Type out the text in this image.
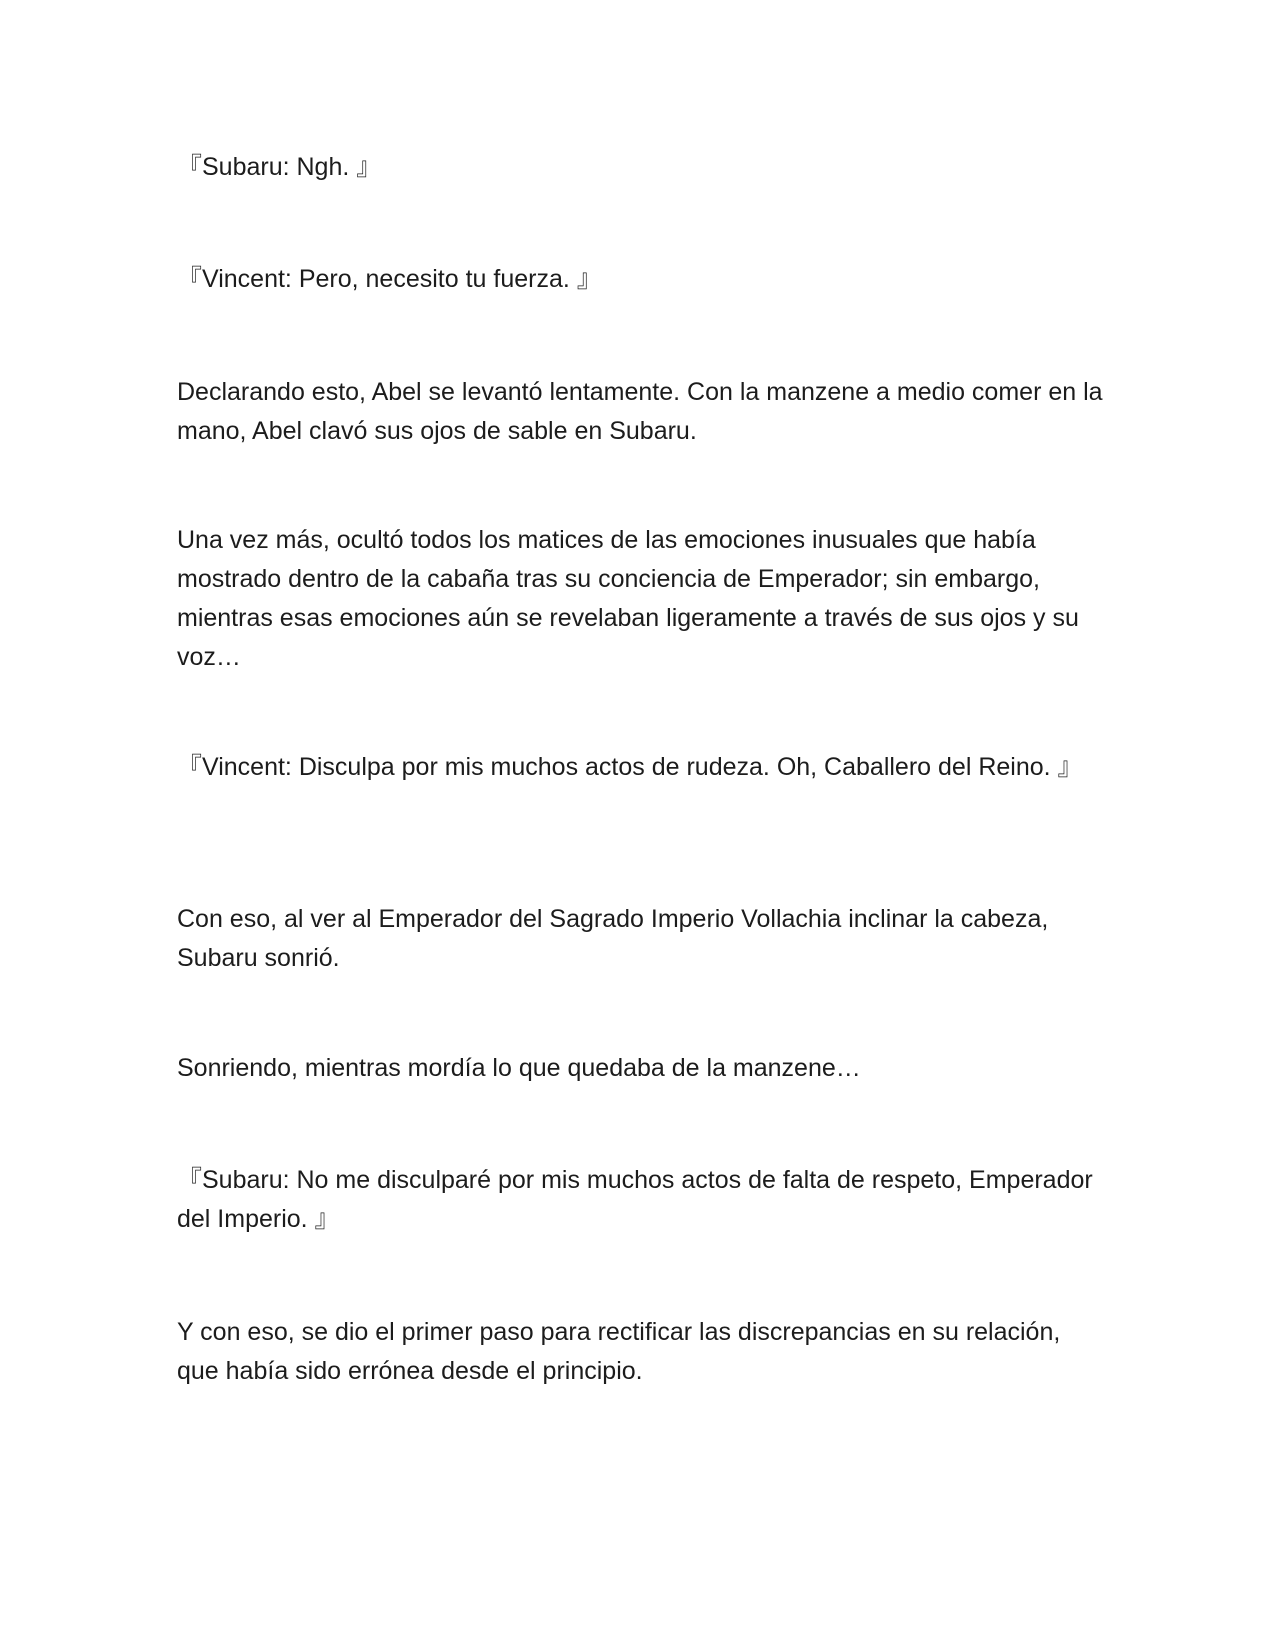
『Subaru: Ngh. 』

『Vincent: Pero, necesito tu fuerza. 』

Declarando esto, Abel se levantó lentamente. Con la manzene a medio comer en la mano, Abel clavó sus ojos de sable en Subaru.

Una vez más, ocultó todos los matices de las emociones inusuales que había mostrado dentro de la cabaña tras su conciencia de Emperador; sin embargo, mientras esas emociones aún se revelaban ligeramente a través de sus ojos y su voz…

『Vincent: Disculpa por mis muchos actos de rudeza. Oh, Caballero del Reino. 』

Con eso, al ver al Emperador del Sagrado Imperio Vollachia inclinar la cabeza, Subaru sonrió.

Sonriendo, mientras mordía lo que quedaba de la manzene…

『Subaru: No me disculparé por mis muchos actos de falta de respeto, Emperador del Imperio. 』

Y con eso, se dio el primer paso para rectificar las discrepancias en su relación, que había sido errónea desde el principio.
